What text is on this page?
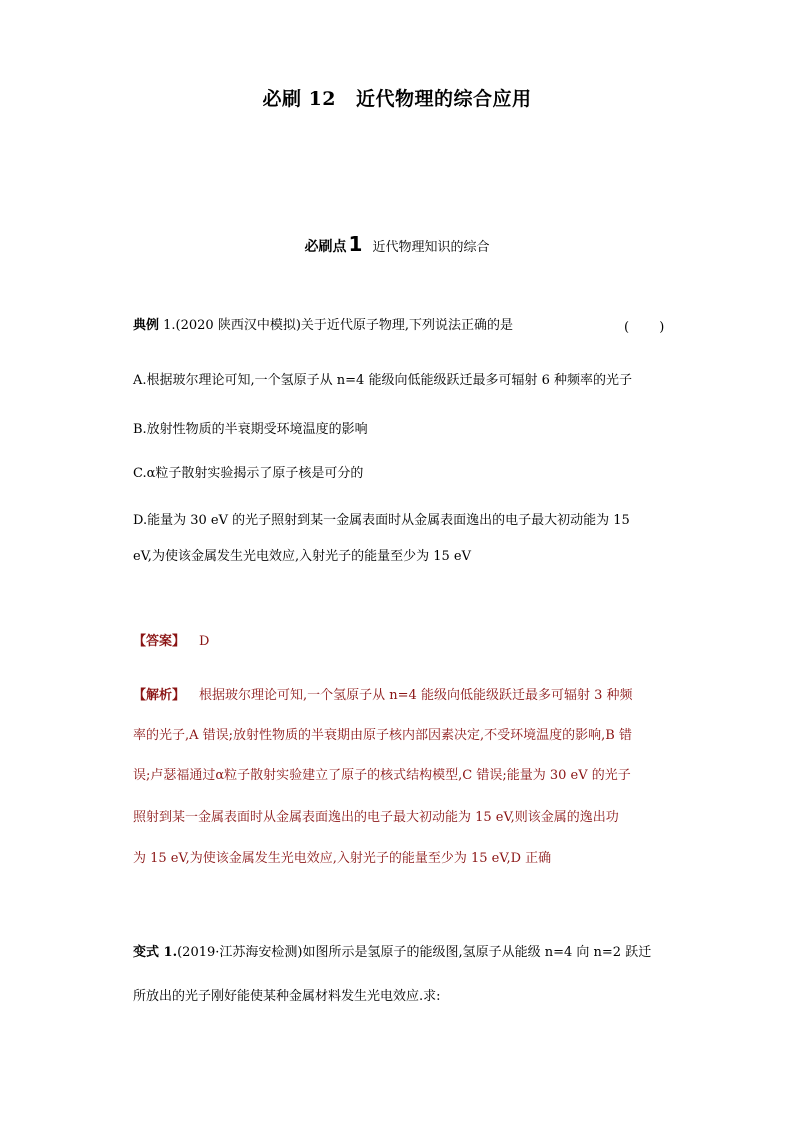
必刷 12 近代物理的综合应用
必刷点 1 近代物理知识的综合
典例 1.(2020 陕西汉中模拟)关于近代原子物理,下列说法正确的是	(　 　)
A.根据玻尔理论可知,一个氢原子从 n=4 能级向低能级跃迁最多可辐射 6 种频率的光子
B.放射性物质的半衰期受环境温度的影响
C.α粒子散射实验揭示了原子核是可分的
D.能量为 30 eV 的光子照射到某一金属表面时从金属表面逸出的电子最大初动能为 15
eV,为使该金属发生光电效应,入射光子的能量至少为 15 eV
【答案】 D
【解析】 根据玻尔理论可知,一个氢原子从 n=4 能级向低能级跃迁最多可辐射 3 种频
率的光子,A 错误;放射性物质的半衰期由原子核内部因素决定,不受环境温度的影响,B 错
误;卢瑟福通过α粒子散射实验建立了原子的核式结构模型,C 错误;能量为 30 eV 的光子
照射到某一金属表面时从金属表面逸出的电子最大初动能为 15 eV,则该金属的逸出功
为 15 eV,为使该金属发生光电效应,入射光子的能量至少为 15 eV,D 正确
变式 1.(2019·江苏海安检测)如图所示是氢原子的能级图,氢原子从能级 n=4 向 n=2 跃迁
所放出的光子刚好能使某种金属材料发生光电效应.求:
